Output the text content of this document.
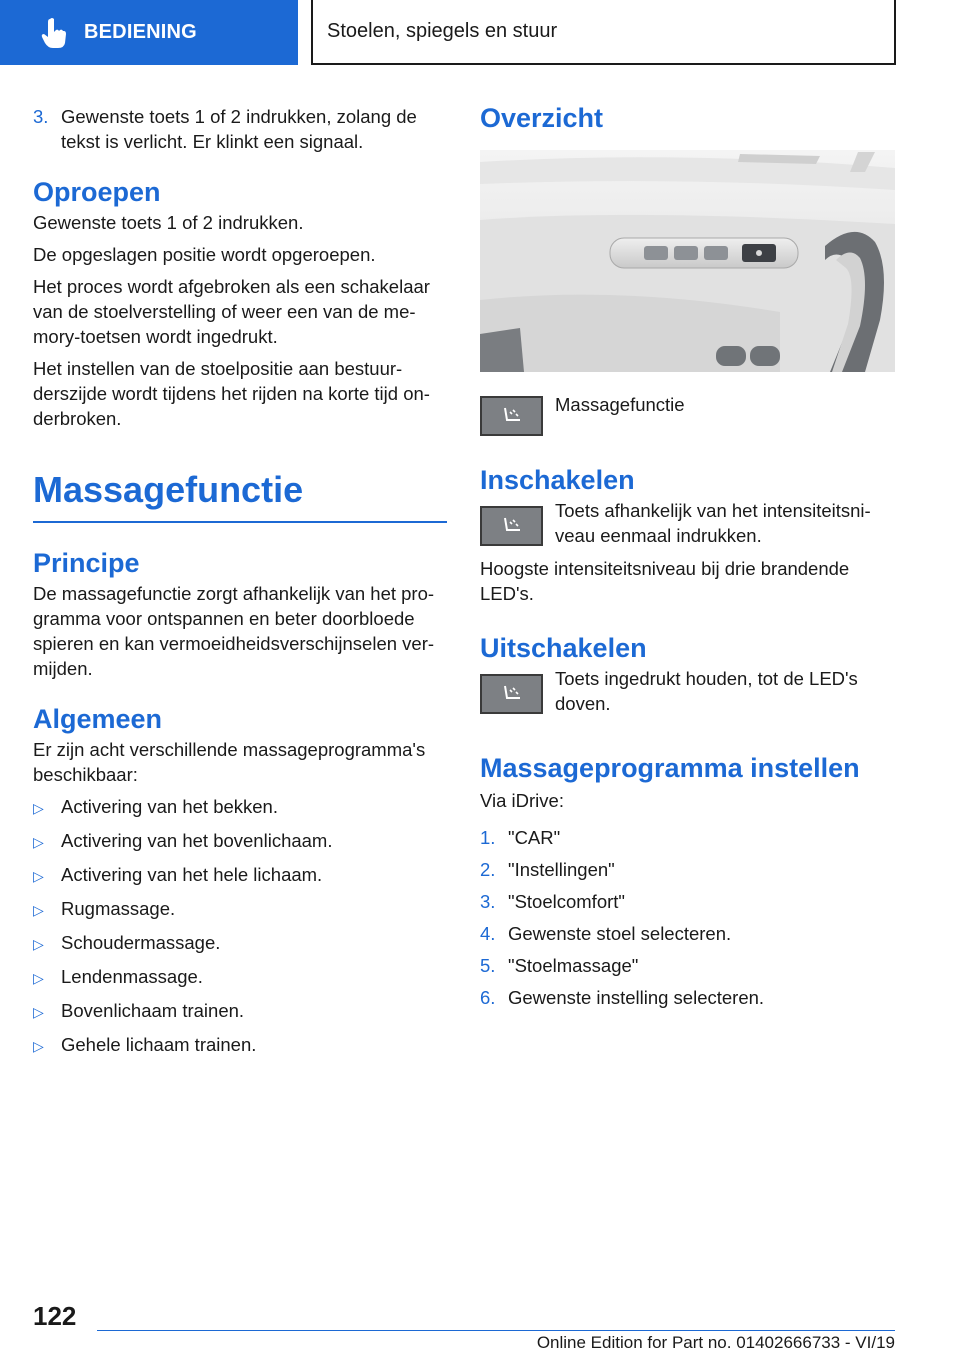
BEDIENING	Stoelen, spiegels en stuur
3. Gewenste toets 1 of 2 indrukken, zolang de tekst is verlicht. Er klinkt een signaal.
Oproepen

Gewenste toets 1 of 2 indrukken.

De opgeslagen positie wordt opgeroepen.

Het proces wordt afgebroken als een schakelaar van de stoelverstelling of weer een van de me-mory-toetsen wordt ingedrukt.

Het instellen van de stoelpositie aan bestuur-derszijde wordt tijdens het rijden na korte tijd on-derbroken.

Massagefunctie
Principe

De massagefunctie zorgt afhankelijk van het pro-gramma voor ontspannen en beter doorbloede spieren en kan vermoeidheidsverschijnselen ver-mijden.

Algemeen

Er zijn acht verschillende massageprogramma's beschikbaar:

▷ Activering van het bekken.
▷ Activering van het bovenlichaam.
▷ Activering van het hele lichaam.
▷ Rugmassage.
▷ Schoudermassage.
▷ Lendenmassage.
▷ Bovenlichaam trainen.
▷ Gehele lichaam trainen.
Overzicht

Massagefunctie

Inschakelen

Toets afhankelijk van het intensiteitsni-veau eenmaal indrukken.

Hoogste intensiteitsniveau bij drie brandende LED's.

Uitschakelen

Toets ingedrukt houden, tot de LED's doven.

Massageprogramma instellen

Via iDrive:

1. "CAR"
2. "Instellingen"
3. "Stoelcomfort"
4. Gewenste stoel selecteren.
5. "Stoelmassage"
6. Gewenste instelling selecteren.
122
Online Edition for Part no. 01402666733 - VI/19
